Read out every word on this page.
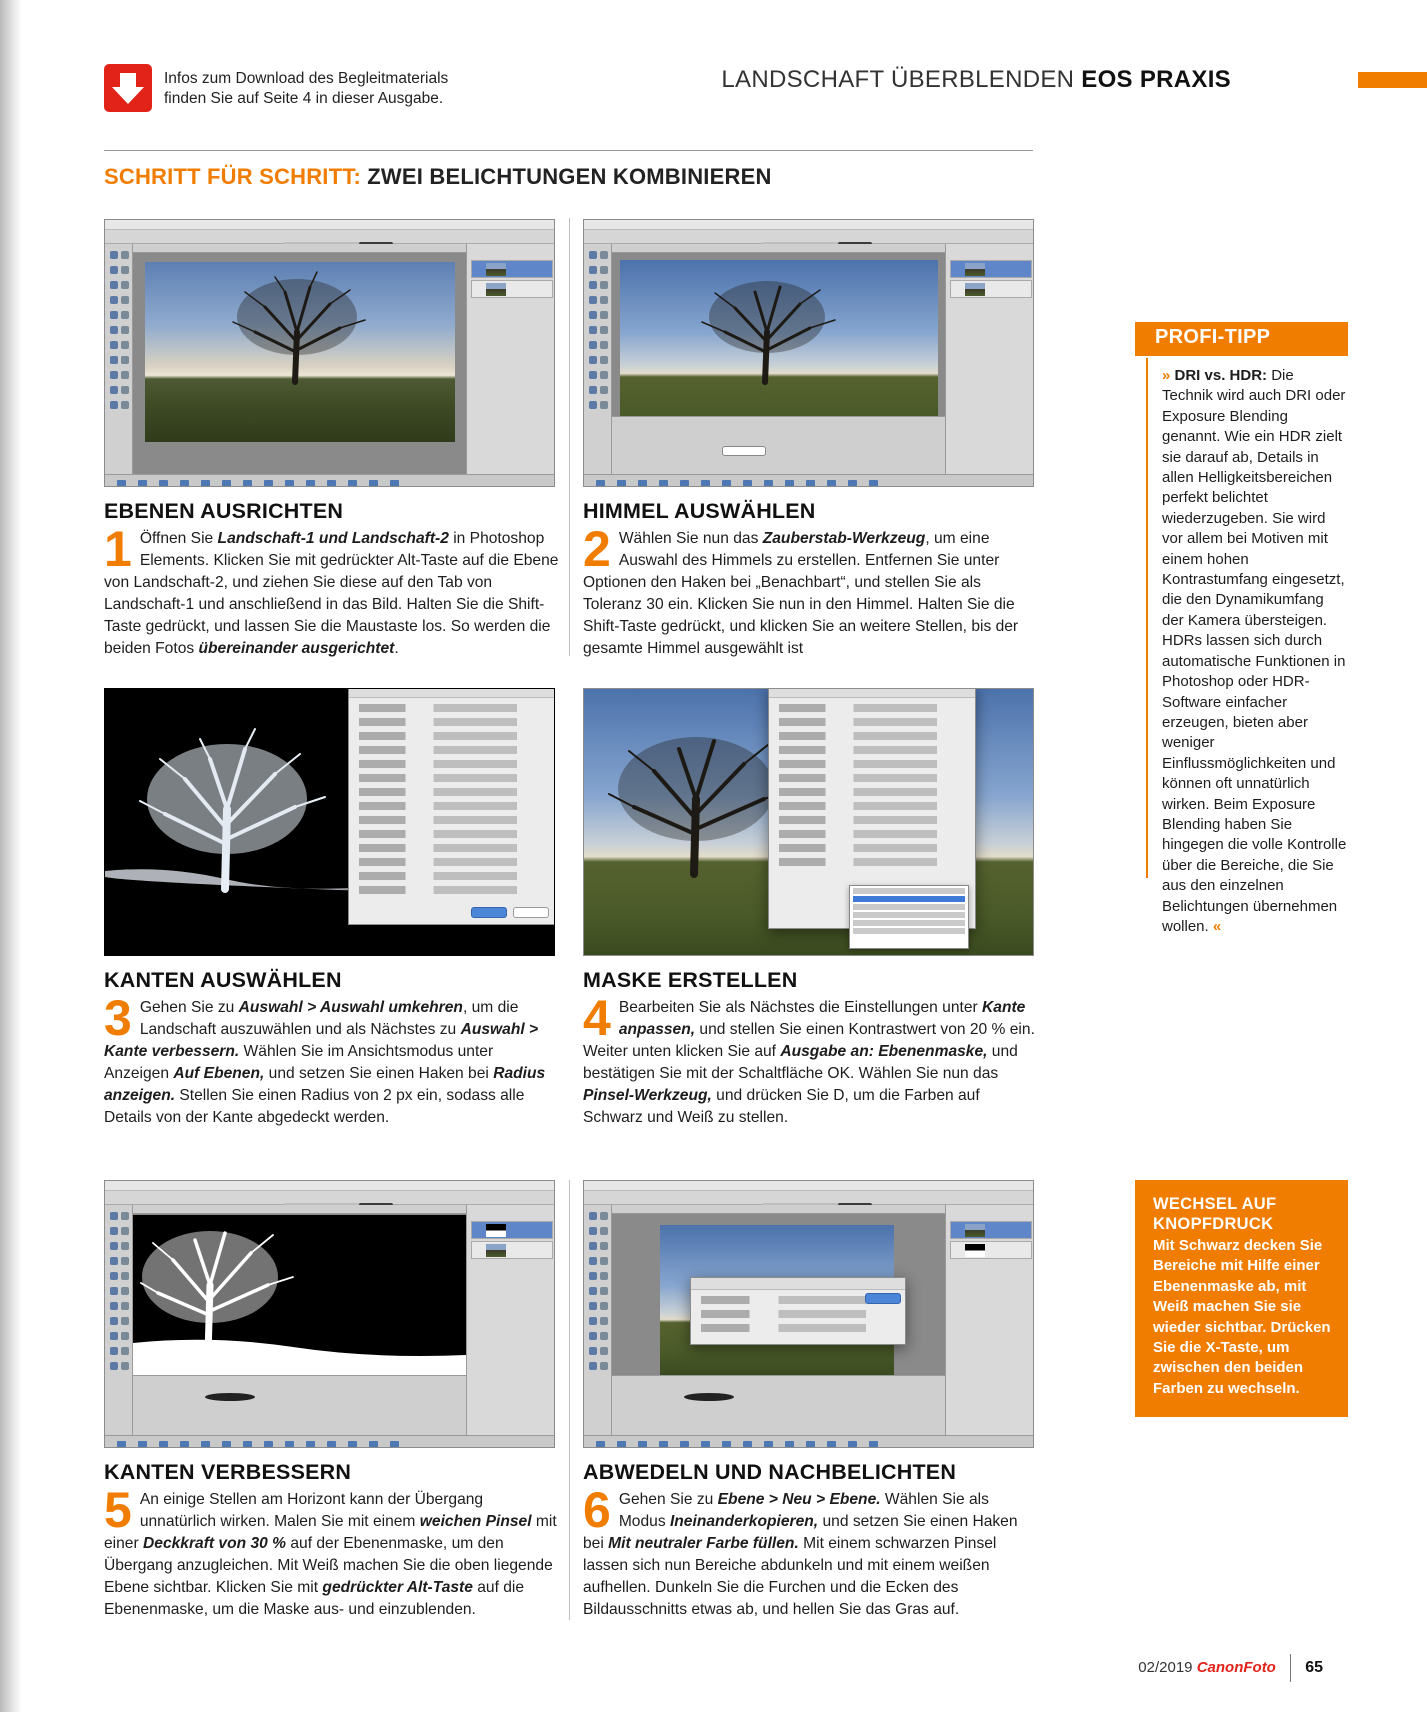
Infos zum Download des Begleitmaterials finden Sie auf Seite 4 in dieser Ausgabe.
LANDSCHAFT ÜBERBLENDEN EOS PRAXIS
SCHRITT FÜR SCHRITT: ZWEI BELICHTUNGEN KOMBINIEREN
EBENEN AUSRICHTEN

1 Öffnen Sie Landschaft-1 und Landschaft-2 in Photoshop Elements. Klicken Sie mit gedrückter Alt-Taste auf die Ebene von Landschaft-2, und ziehen Sie diese auf den Tab von Landschaft-1 und anschließend in das Bild. Halten Sie die Shift-Taste gedrückt, und lassen Sie die Maustaste los. So werden die beiden Fotos übereinander ausgerichtet.

HIMMEL AUSWÄHLEN

2 Wählen Sie nun das Zauberstab-Werkzeug, um eine Auswahl des Himmels zu erstellen. Entfernen Sie unter Optionen den Haken bei „Benachbart“, und stellen Sie als Toleranz 30 ein. Klicken Sie nun in den Himmel. Halten Sie die Shift-Taste gedrückt, und klicken Sie an weitere Stellen, bis der gesamte Himmel ausgewählt ist

KANTEN AUSWÄHLEN

3 Gehen Sie zu Auswahl > Auswahl umkehren, um die Landschaft auszuwählen und als Nächstes zu Auswahl > Kante verbessern. Wählen Sie im Ansichtsmodus unter Anzeigen Auf Ebenen, und setzen Sie einen Haken bei Radius anzeigen. Stellen Sie einen Radius von 2 px ein, sodass alle Details von der Kante abgedeckt werden.

MASKE ERSTELLEN

4 Bearbeiten Sie als Nächstes die Einstellungen unter Kante anpassen, und stellen Sie einen Kontrastwert von 20 % ein. Weiter unten klicken Sie auf Ausgabe an: Ebenenmaske, und bestätigen Sie mit der Schaltfläche OK. Wählen Sie nun das Pinsel-Werkzeug, und drücken Sie D, um die Farben auf Schwarz und Weiß zu stellen.

KANTEN VERBESSERN

5 An einige Stellen am Horizont kann der Übergang unnatürlich wirken. Malen Sie mit einem weichen Pinsel mit einer Deckkraft von 30 % auf der Ebenenmaske, um den Übergang anzugleichen. Mit Weiß machen Sie die oben liegende Ebene sichtbar. Klicken Sie mit gedrückter Alt-Taste auf die Ebenenmaske, um die Maske aus- und einzublenden.

ABWEDELN UND NACHBELICHTEN

6 Gehen Sie zu Ebene > Neu > Ebene. Wählen Sie als Modus Ineinanderkopieren, und setzen Sie einen Haken bei Mit neutraler Farbe füllen. Mit einem schwarzen Pinsel lassen sich nun Bereiche abdunkeln und mit einem weißen aufhellen. Dunkeln Sie die Furchen und die Ecken des Bildausschnitts etwas ab, und hellen Sie das Gras auf.

PROFI-TIPP
» DRI vs. HDR: Die Technik wird auch DRI oder Exposure Blending genannt. Wie ein HDR zielt sie darauf ab, Details in allen Helligkeitsbereichen perfekt belichtet wiederzugeben. Sie wird vor allem bei Motiven mit einem hohen Kontrastumfang eingesetzt, die den Dynamikumfang der Kamera übersteigen. HDRs lassen sich durch automatische Funktionen in Photoshop oder HDR-Software einfacher erzeugen, bieten aber weniger Einflussmöglichkeiten und können oft unnatürlich wirken. Beim Exposure Blending haben Sie hingegen die volle Kontrolle über die Bereiche, die Sie aus den einzelnen Belichtungen übernehmen wollen. «
WECHSEL AUF KNOPFDRUCK

Mit Schwarz decken Sie Bereiche mit Hilfe einer Ebenenmaske ab, mit Weiß machen Sie sie wieder sichtbar. Drücken Sie die X-Taste, um zwischen den beiden Farben zu wechseln.

02/2019 CanonFoto 65
